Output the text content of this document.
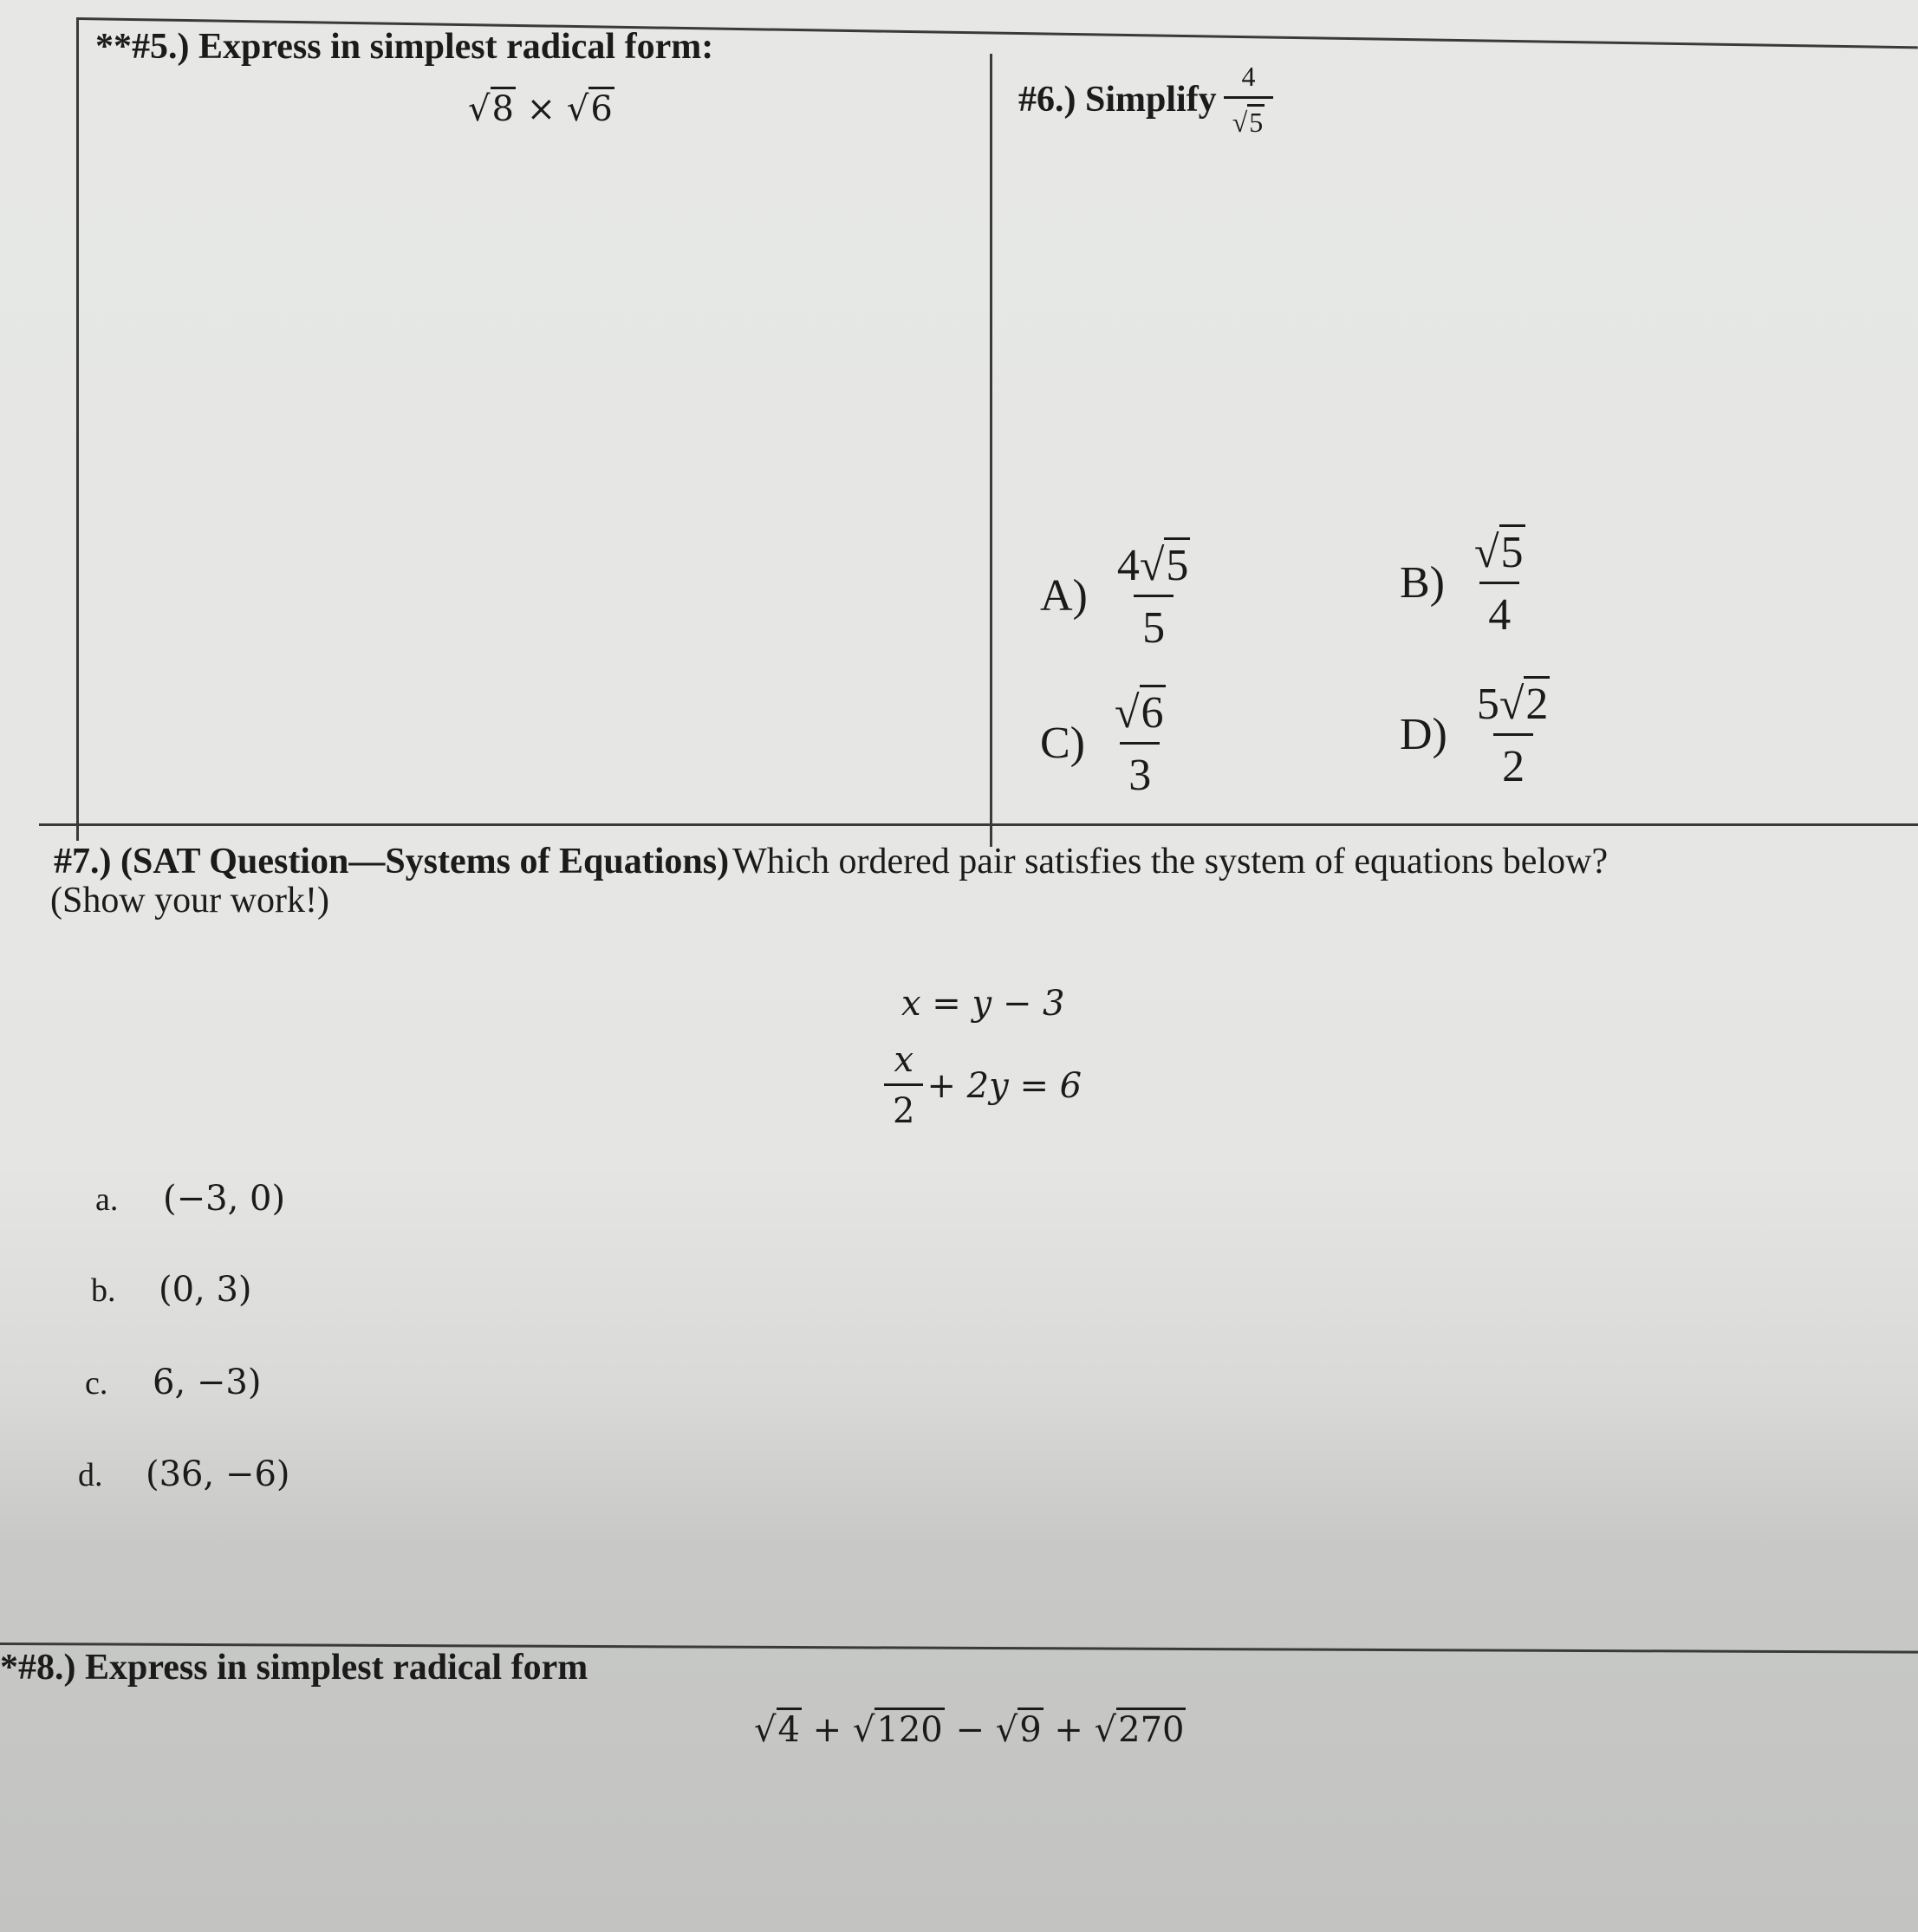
**#5.) Express in simplest radical form:
√8 × √6	#6.) Simplify $\frac{4}{√5}$
$A) \frac{4√5}{5}$	$B) \frac{√5}{4}$
$C) \frac{√6}{3}$	$D) \frac{5√2}{2}$
#7.) (SAT Question—Systems of Equations) Which ordered pair satisfies the system of equations below?
(Show your work!)
x = y − 3
$\frac{x}{2} + 2y = 6$
a. (−3, 0)
b. (0, 3)
c. 6, −3)
d. (36, −6)
*#8.) Express in simplest radical form
√4 + √120 − √9 + √270
